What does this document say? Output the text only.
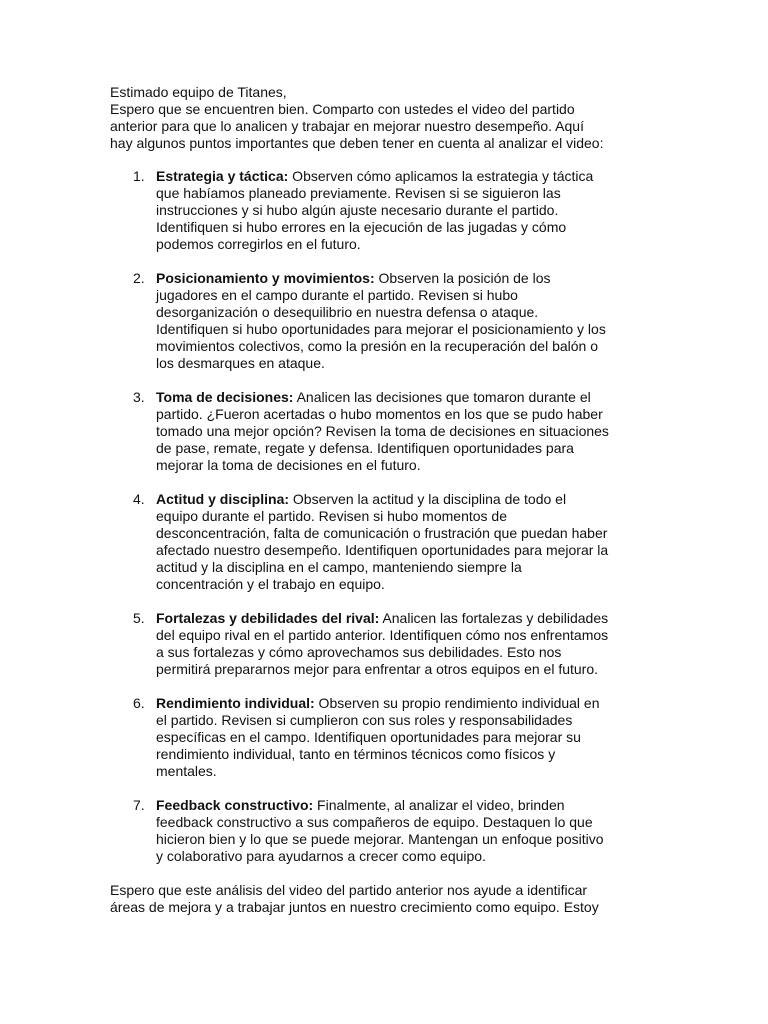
Estimado equipo de Titanes,
Espero que se encuentren bien. Comparto con ustedes el video del partido
anterior para que lo analicen y trabajar en mejorar nuestro desempeño. Aquí
hay algunos puntos importantes que deben tener en cuenta al analizar el video:
1. Estrategia y táctica: Observen cómo aplicamos la estrategia y táctica
que habíamos planeado previamente. Revisen si se siguieron las
instrucciones y si hubo algún ajuste necesario durante el partido.
Identifiquen si hubo errores en la ejecución de las jugadas y cómo
podemos corregirlos en el futuro.
2. Posicionamiento y movimientos: Observen la posición de los
jugadores en el campo durante el partido. Revisen si hubo
desorganización o desequilibrio en nuestra defensa o ataque.
Identifiquen si hubo oportunidades para mejorar el posicionamiento y los
movimientos colectivos, como la presión en la recuperación del balón o
los desmarques en ataque.
3. Toma de decisiones: Analicen las decisiones que tomaron durante el
partido. ¿Fueron acertadas o hubo momentos en los que se pudo haber
tomado una mejor opción? Revisen la toma de decisiones en situaciones
de pase, remate, regate y defensa. Identifiquen oportunidades para
mejorar la toma de decisiones en el futuro.
4. Actitud y disciplina: Observen la actitud y la disciplina de todo el
equipo durante el partido. Revisen si hubo momentos de
desconcentración, falta de comunicación o frustración que puedan haber
afectado nuestro desempeño. Identifiquen oportunidades para mejorar la
actitud y la disciplina en el campo, manteniendo siempre la
concentración y el trabajo en equipo.
5. Fortalezas y debilidades del rival: Analicen las fortalezas y debilidades
del equipo rival en el partido anterior. Identifiquen cómo nos enfrentamos
a sus fortalezas y cómo aprovechamos sus debilidades. Esto nos
permitirá prepararnos mejor para enfrentar a otros equipos en el futuro.
6. Rendimiento individual: Observen su propio rendimiento individual en
el partido. Revisen si cumplieron con sus roles y responsabilidades
específicas en el campo. Identifiquen oportunidades para mejorar su
rendimiento individual, tanto en términos técnicos como físicos y
mentales.
7. Feedback constructivo: Finalmente, al analizar el video, brinden
feedback constructivo a sus compañeros de equipo. Destaquen lo que
hicieron bien y lo que se puede mejorar. Mantengan un enfoque positivo
y colaborativo para ayudarnos a crecer como equipo.
Espero que este análisis del video del partido anterior nos ayude a identificar
áreas de mejora y a trabajar juntos en nuestro crecimiento como equipo. Estoy
